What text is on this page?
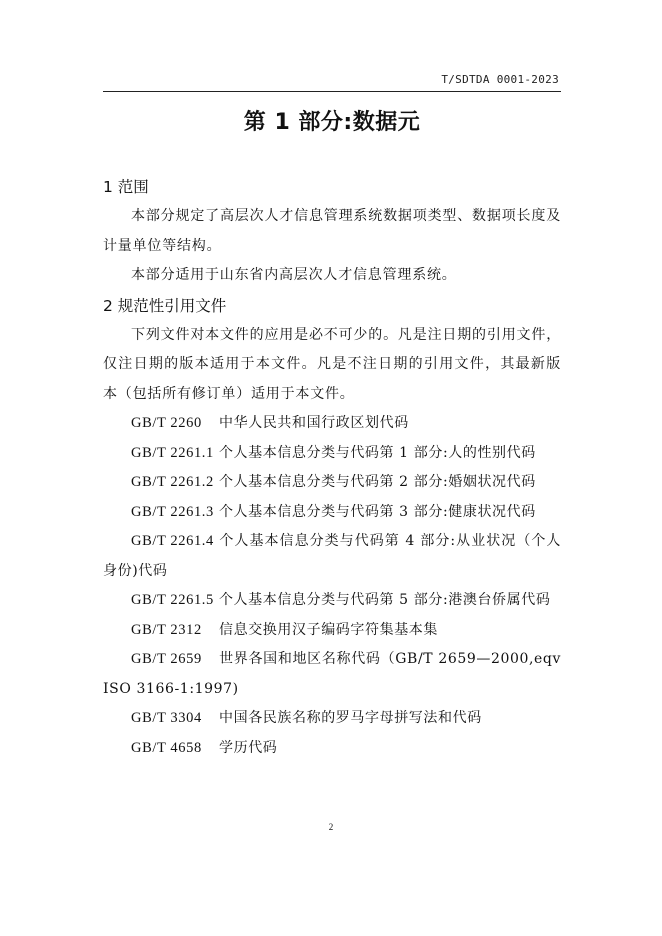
T/SDTDA 0001-2023
第 1 部分:数据元
1 范围

本部分规定了高层次人才信息管理系统数据项类型、数据项长度及计量单位等结构。

本部分适用于山东省内高层次人才信息管理系统。

2 规范性引用文件

下列文件对本文件的应用是必不可少的。凡是注日期的引用文件，仅注日期的版本适用于本文件。凡是不注日期的引用文件，其最新版本（包括所有修订单）适用于本文件。

GB/T 2260 中华人民共和国行政区划代码

GB/T 2261.1 个人基本信息分类与代码第 1 部分:人的性别代码

GB/T 2261.2 个人基本信息分类与代码第 2 部分:婚姻状况代码

GB/T 2261.3 个人基本信息分类与代码第 3 部分:健康状况代码

GB/T 2261.4 个人基本信息分类与代码第 4 部分:从业状况（个人身份)代码

GB/T 2261.5 个人基本信息分类与代码第 5 部分:港澳台侨属代码

GB/T 2312 信息交换用汉子编码字符集基本集

GB/T 2659 世界各国和地区名称代码（GB/T 2659—2000,eqv ISO 3166-1:1997)

GB/T 3304 中国各民族名称的罗马字母拼写法和代码

GB/T 4658 学历代码

2
